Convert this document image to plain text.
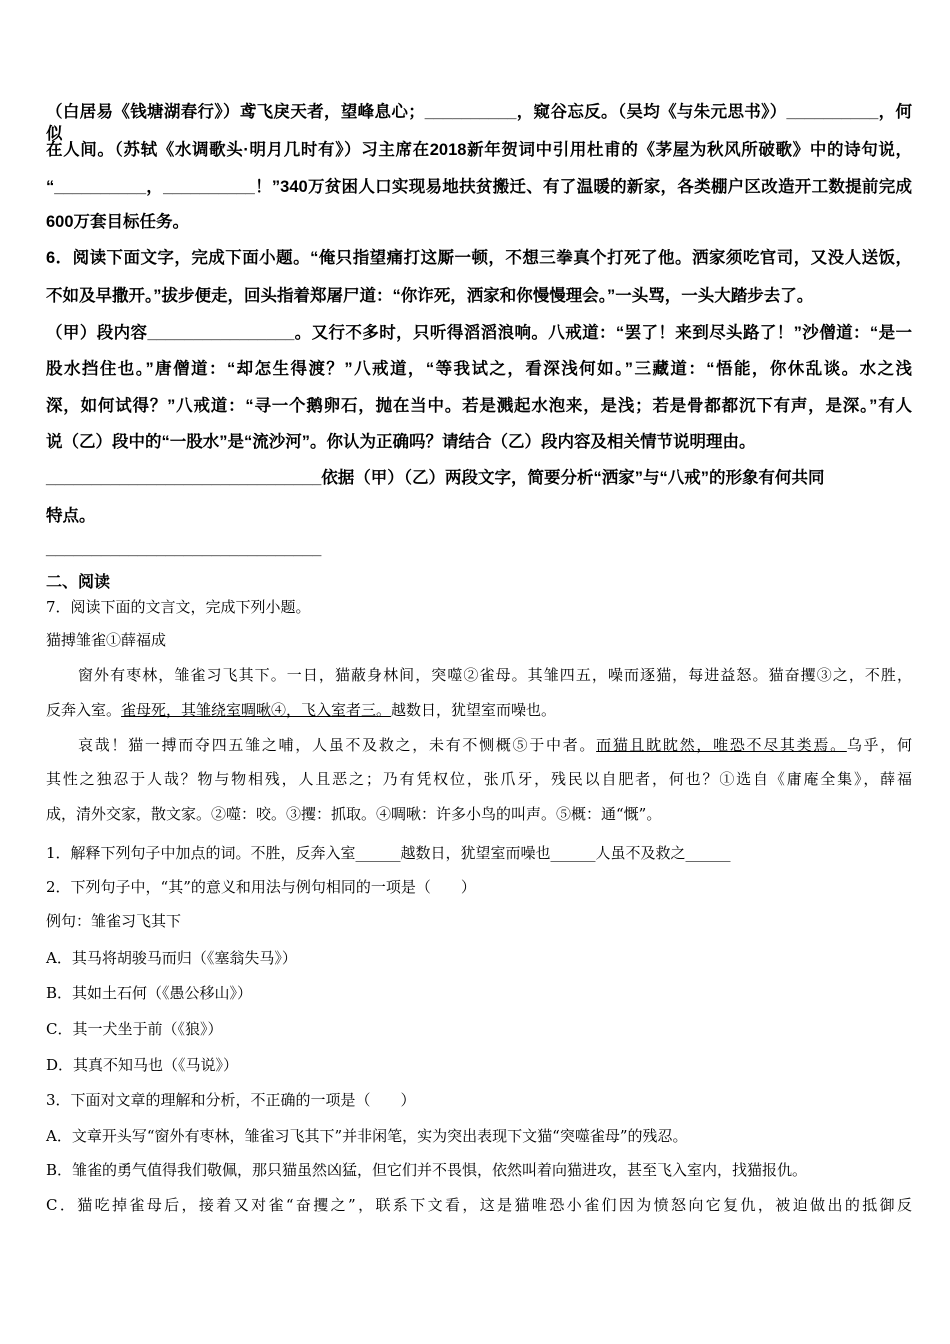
（白居易《钱塘湖春行》）鸢飞戾天者，望峰息心；__________，窥谷忘反。（吴均《与朱元思书》）__________，何似
在人间。（苏轼《水调歌头·明月几时有》）习主席在2018新年贺词中引用杜甫的《茅屋为秋风所破歌》中的诗句说，
“__________，__________！”340万贫困人口实现易地扶贫搬迁、有了温暖的新家，各类棚户区改造开工数提前完成
600万套目标任务。
6．阅读下面文字，完成下面小题。“俺只指望痛打这厮一顿，不想三拳真个打死了他。洒家须吃官司，又没人送饭，
不如及早撒开。”拔步便走，回头指着郑屠尸道：“你诈死，洒家和你慢慢理会。”一头骂，一头大踏步去了。
（甲）段内容________________。又行不多时，只听得滔滔浪响。八戒道：“罢了！来到尽头路了！”沙僧道：“是一
股水挡住也。”唐僧道：“却怎生得渡？”八戒道，“等我试之，看深浅何如。”三藏道：“悟能，你休乱谈。水之浅
深，如何试得？”八戒道：“寻一个鹅卵石，抛在当中。若是溅起水泡来，是浅；若是骨都都沉下有声，是深。”有人
说（乙）段中的“一股水”是“流沙河”。你认为正确吗？请结合（乙）段内容及相关情节说明理由。
______________________________依据（甲）（乙）两段文字，简要分析“洒家”与“八戒”的形象有何共同
特点。
______________________________
二、阅读
7．阅读下面的文言文，完成下列小题。
猫搏雏雀①薛福成
窗外有枣林，雏雀习飞其下。一日，猫蔽身林间，突噬②雀母。其雏四五，噪而逐猫，每进益怒。猫奋攫③之，不胜，
反奔入室。雀母死，其雏绕室啁啾④，飞入室者三。越数日，犹望室而噪也。
哀哉！猫一搏而夺四五雏之哺，人虽不及救之，未有不恻概⑤于中者。而猫且眈眈然，唯恐不尽其类焉。乌乎，何
其性之独忍于人哉？物与物相残，人且恶之；乃有凭权位，张爪牙，残民以自肥者，何也？①选自《庸庵全集》，薛福
成，清外交家，散文家。②噬：咬。③攫：抓取。④啁啾：许多小鸟的叫声。⑤概：通“慨”。
1．解释下列句子中加点的词。不胜，反奔入室______越数日，犹望室而噪也______人虽不及救之______
2．下列句子中，“其”的意义和用法与例句相同的一项是（　　）
例句：雏雀习飞其下
A．其马将胡骏马而归（《塞翁失马》）
B．其如土石何（《愚公移山》）
C．其一犬坐于前（《狼》）
D．其真不知马也（《马说》）
3．下面对文章的理解和分析，不正确的一项是（　　）
A．文章开头写“窗外有枣林，雏雀习飞其下”并非闲笔，实为突出表现下文猫“突噬雀母”的残忍。
B．雏雀的勇气值得我们敬佩，那只猫虽然凶猛，但它们并不畏惧，依然叫着向猫进攻，甚至飞入室内，找猫报仇。
C．猫吃掉雀母后，接着又对雀“奋攫之”，联系下文看，这是猫唯恐小雀们因为愤怒向它复仇，被迫做出的抵御反
